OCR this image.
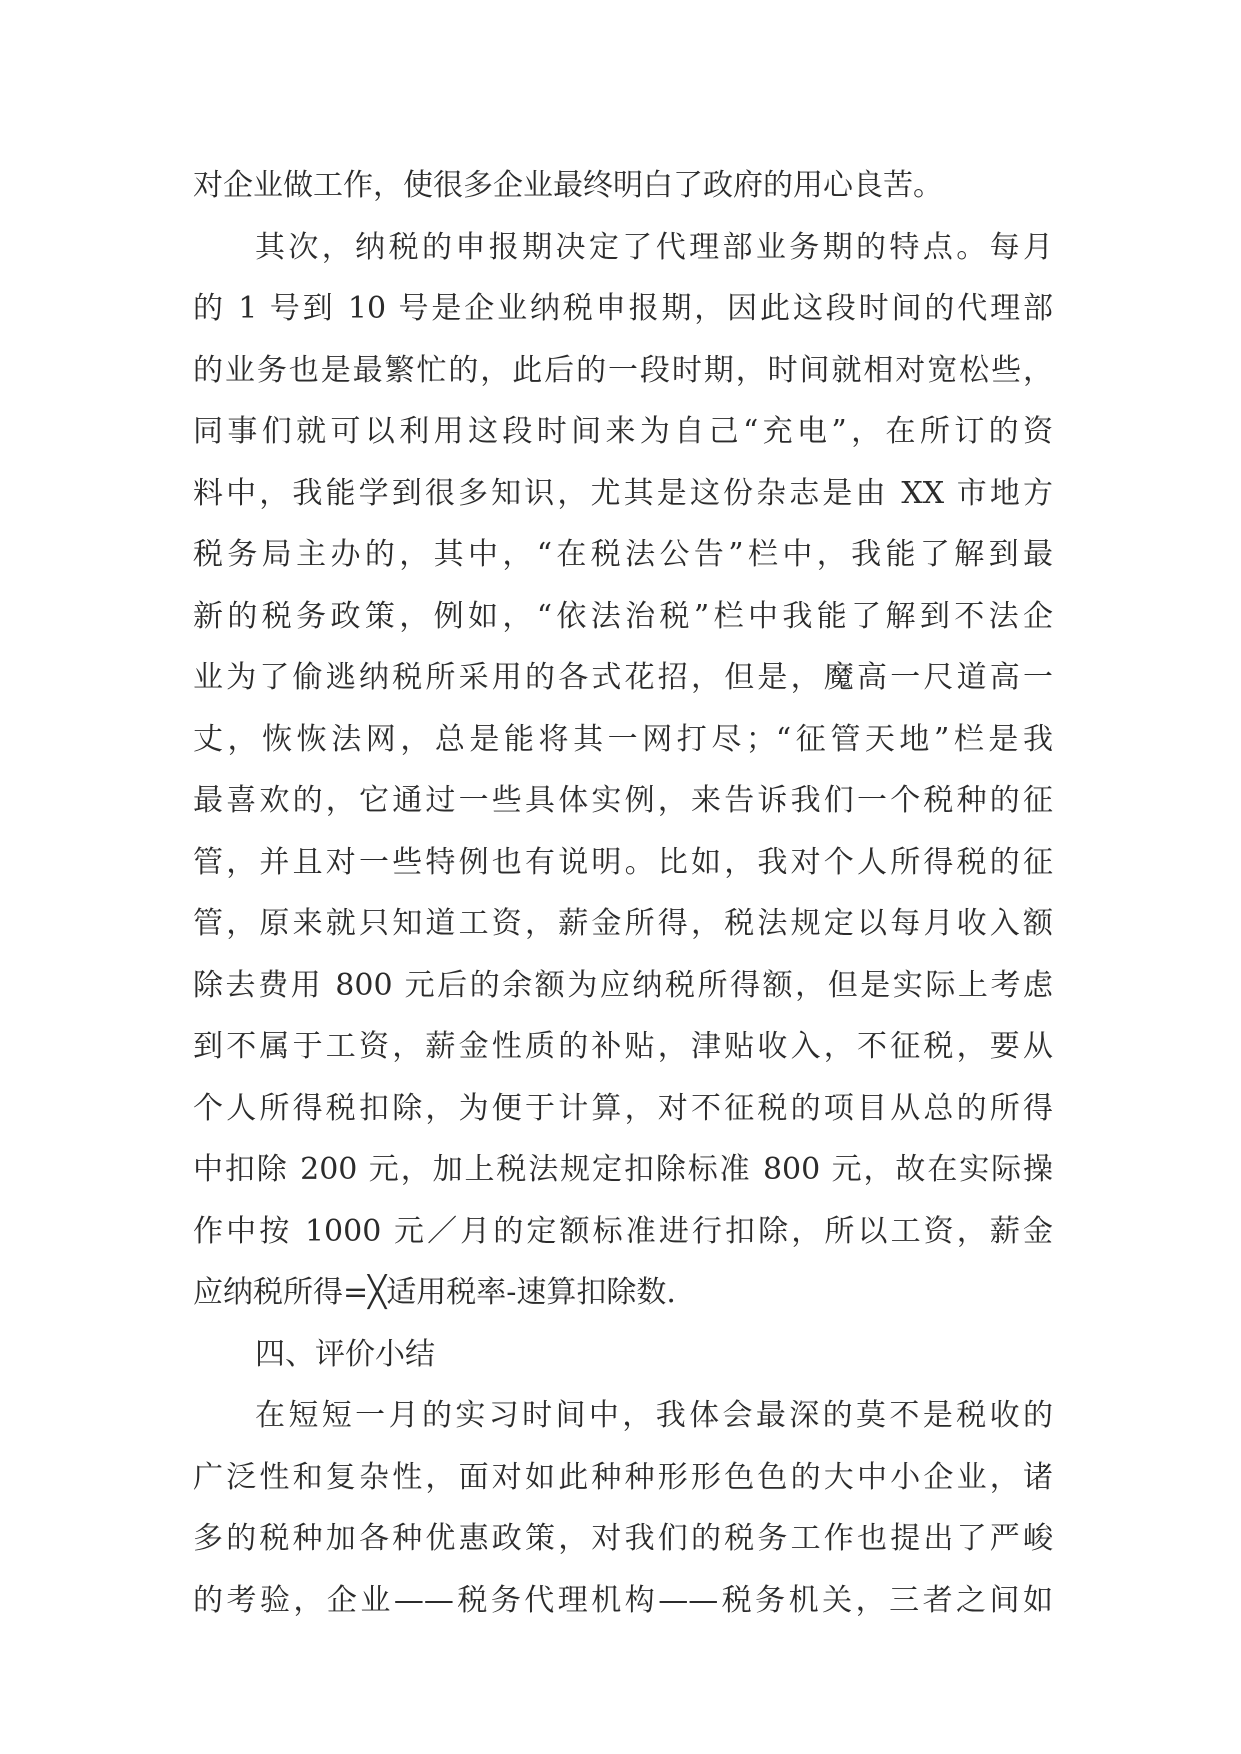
对企业做工作，使很多企业最终明白了政府的用心良苦。
其次，纳税的申报期决定了代理部业务期的特点。每月
的 1 号到 10 号是企业纳税申报期，因此这段时间的代理部
的业务也是最繁忙的，此后的一段时期，时间就相对宽松些，
同事们就可以利用这段时间来为自己“充电”，在所订的资
料中，我能学到很多知识，尤其是这份杂志是由 XX 市地方
税务局主办的，其中，“在税法公告”栏中，我能了解到最
新的税务政策，例如，“依法治税”栏中我能了解到不法企
业为了偷逃纳税所采用的各式花招，但是，魔高一尺道高一
丈，恢恢法网，总是能将其一网打尽；“征管天地”栏是我
最喜欢的，它通过一些具体实例，来告诉我们一个税种的征
管，并且对一些特例也有说明。比如，我对个人所得税的征
管，原来就只知道工资，薪金所得，税法规定以每月收入额
除去费用 800 元后的余额为应纳税所得额，但是实际上考虑
到不属于工资，薪金性质的补贴，津贴收入，不征税，要从
个人所得税扣除，为便于计算，对不征税的项目从总的所得
中扣除 200 元，加上税法规定扣除标准 800 元，故在实际操
作中按 1000 元／月的定额标准进行扣除，所以工资，薪金
应纳税所得=╳适用税率-速算扣除数.
四、评价小结
在短短一月的实习时间中，我体会最深的莫不是税收的
广泛性和复杂性，面对如此种种形形色色的大中小企业，诸
多的税种加各种优惠政策，对我们的税务工作也提出了严峻
的考验，企业——税务代理机构——税务机关，三者之间如
